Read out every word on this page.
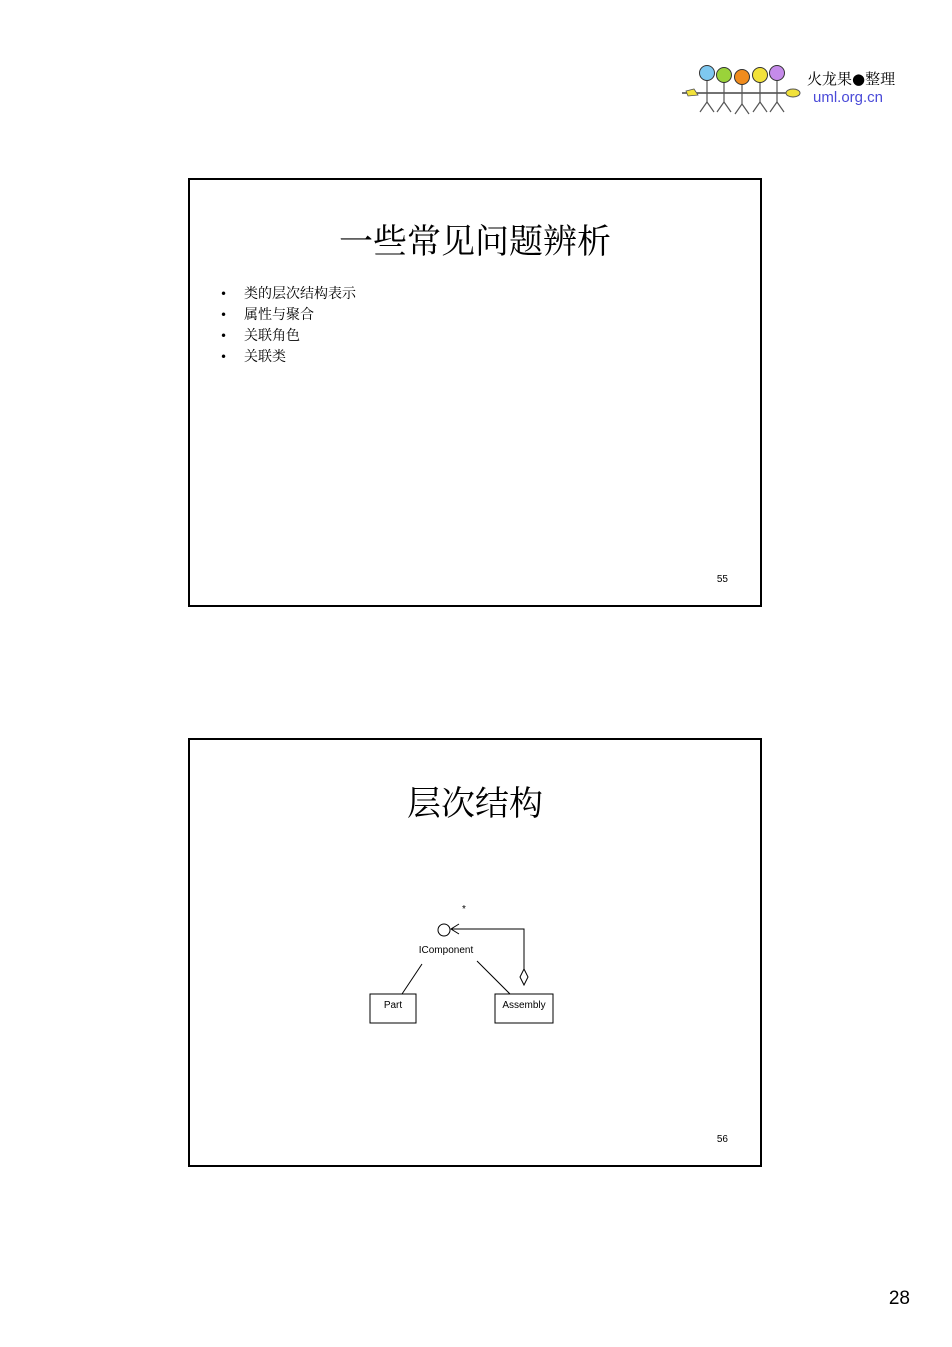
火龙果●整理
uml.org.cn
一些常见问题辨析
•	类的层次结构表示
•	属性与聚合
•	关联角色
•	关联类
55
层次结构
*
IComponent
Part	Assembly
56
28
